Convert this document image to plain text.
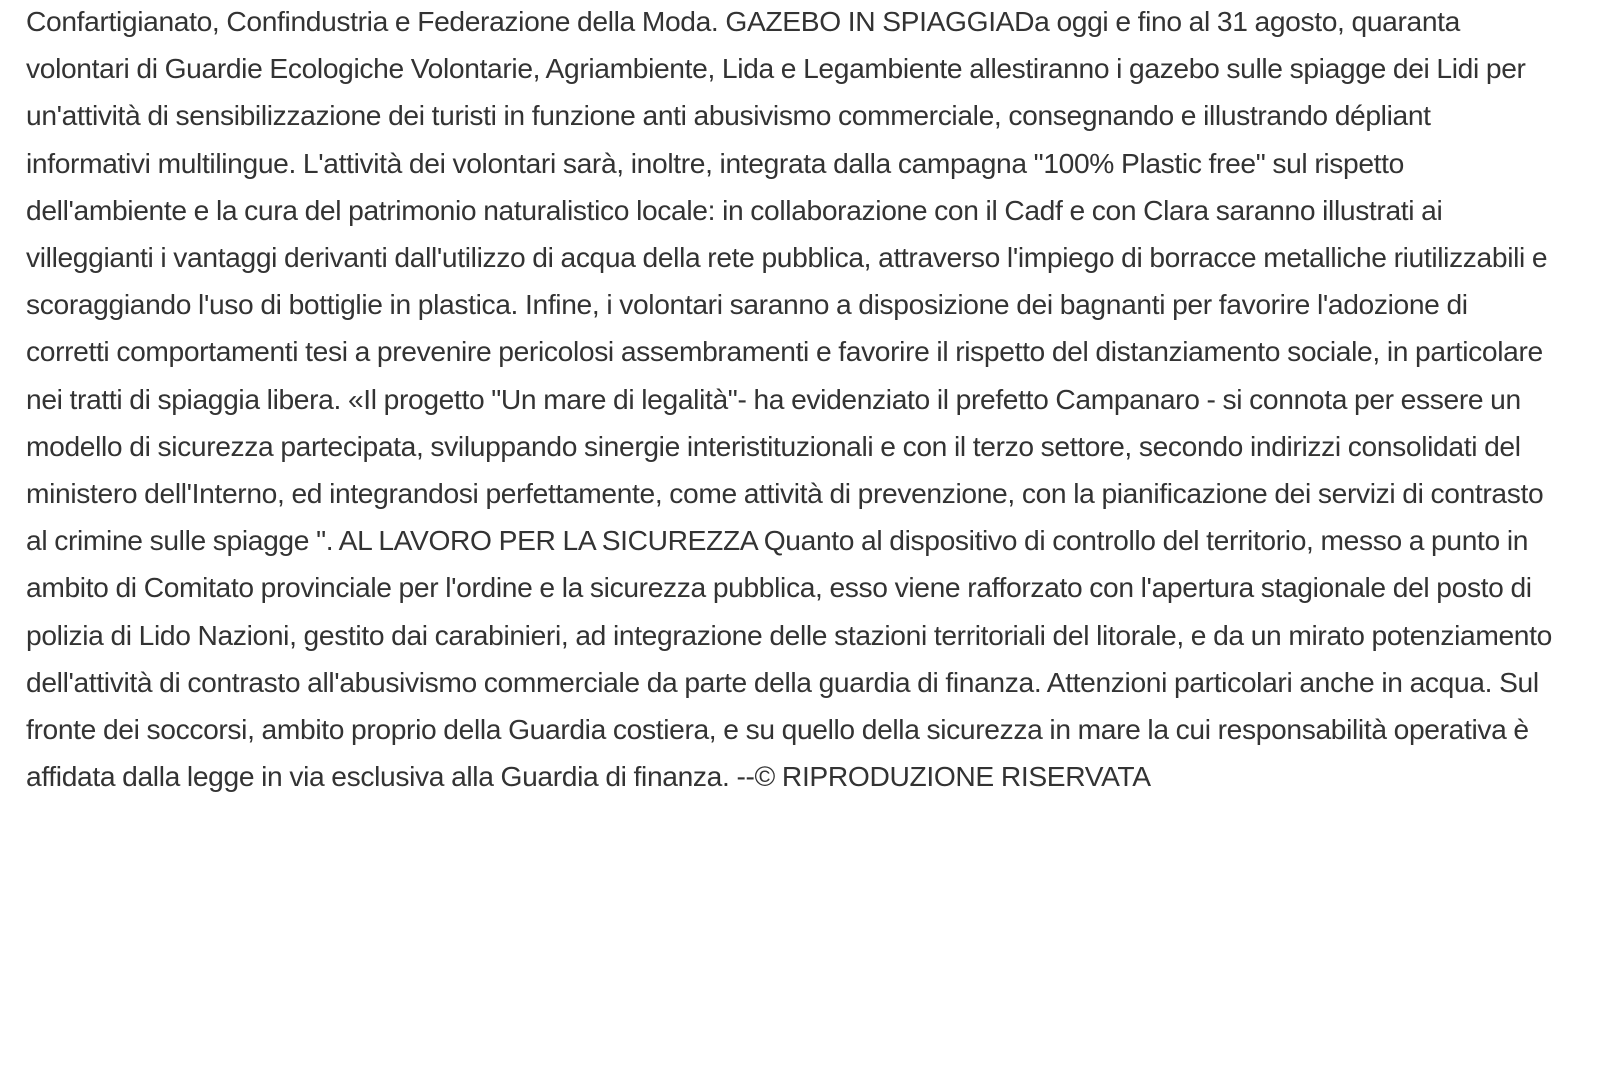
Confartigianato, Confindustria e Federazione della Moda. GAZEBO IN SPIAGGIADa oggi e fino al 31 agosto, quaranta volontari di Guardie Ecologiche Volontarie, Agriambiente, Lida e Legambiente allestiranno i gazebo sulle spiagge dei Lidi per un'attività di sensibilizzazione dei turisti in funzione anti abusivismo commerciale, consegnando e illustrando dépliant informativi multilingue. L'attività dei volontari sarà, inoltre, integrata dalla campagna "100% Plastic free" sul rispetto dell'ambiente e la cura del patrimonio naturalistico locale: in collaborazione con il Cadf e con Clara saranno illustrati ai villeggianti i vantaggi derivanti dall'utilizzo di acqua della rete pubblica, attraverso l'impiego di borracce metalliche riutilizzabili e scoraggiando l'uso di bottiglie in plastica. Infine, i volontari saranno a disposizione dei bagnanti per favorire l'adozione di corretti comportamenti tesi a prevenire pericolosi assembramenti e favorire il rispetto del distanziamento sociale, in particolare nei tratti di spiaggia libera. «Il progetto "Un mare di legalità"- ha evidenziato il prefetto Campanaro - si connota per essere un modello di sicurezza partecipata, sviluppando sinergie interistituzionali e con il terzo settore, secondo indirizzi consolidati del ministero dell'Interno, ed integrandosi perfettamente, come attività di prevenzione, con la pianificazione dei servizi di contrasto al crimine sulle spiagge ". AL LAVORO PER LA SICUREZZA Quanto al dispositivo di controllo del territorio, messo a punto in ambito di Comitato provinciale per l'ordine e la sicurezza pubblica, esso viene rafforzato con l'apertura stagionale del posto di polizia di Lido Nazioni, gestito dai carabinieri, ad integrazione delle stazioni territoriali del litorale, e da un mirato potenziamento dell'attività di contrasto all'abusivismo commerciale da parte della guardia di finanza. Attenzioni particolari anche in acqua. Sul fronte dei soccorsi, ambito proprio della Guardia costiera, e su quello della sicurezza in mare la cui responsabilità operativa è affidata dalla legge in via esclusiva alla Guardia di finanza. --© RIPRODUZIONE RISERVATA
